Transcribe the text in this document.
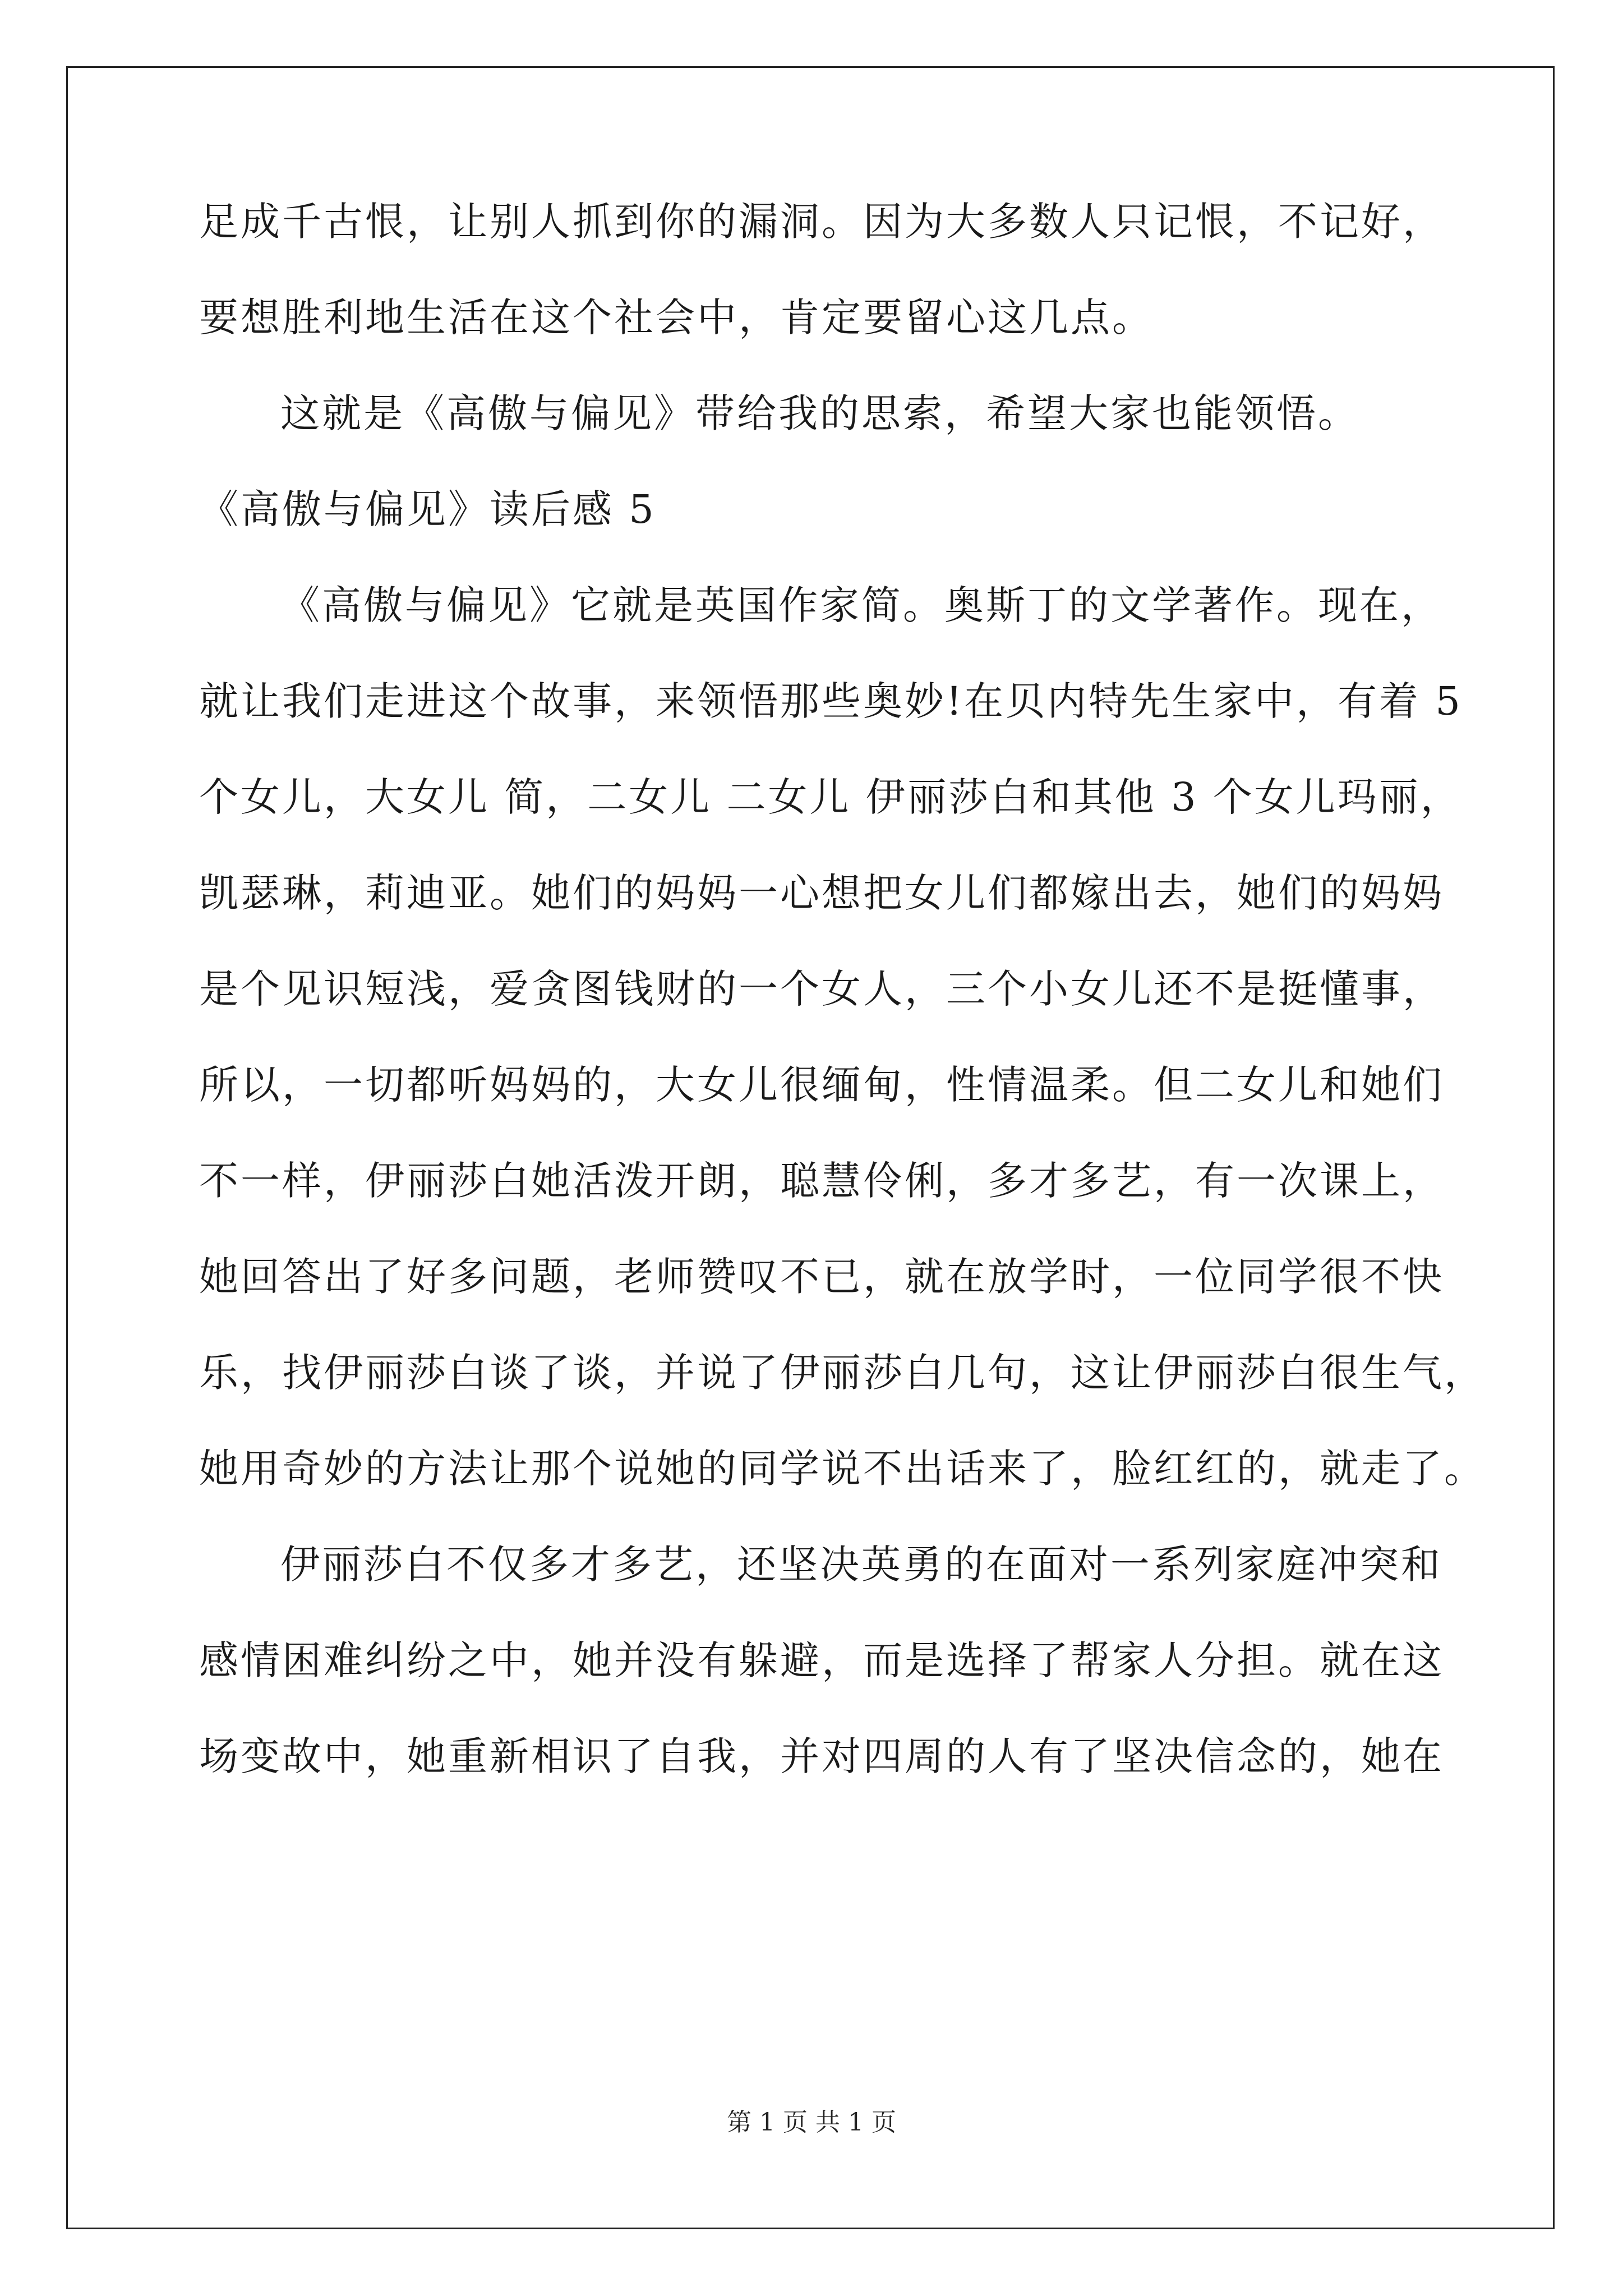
足成千古恨，让别人抓到你的漏洞。因为大多数人只记恨，不记好，
要想胜利地生活在这个社会中，肯定要留心这几点。
这就是《高傲与偏见》带给我的思索，希望大家也能领悟。
《高傲与偏见》读后感 5
《高傲与偏见》它就是英国作家简。奥斯丁的文学著作。现在，
就让我们走进这个故事，来领悟那些奥妙!在贝内特先生家中，有着 5
个女儿，大女儿 简，二女儿 二女儿 伊丽莎白和其他 3 个女儿玛丽，
凯瑟琳，莉迪亚。她们的妈妈一心想把女儿们都嫁出去，她们的妈妈
是个见识短浅，爱贪图钱财的一个女人，三个小女儿还不是挺懂事，
所以，一切都听妈妈的，大女儿很缅甸，性情温柔。但二女儿和她们
不一样，伊丽莎白她活泼开朗，聪慧伶俐，多才多艺，有一次课上，
她回答出了好多问题，老师赞叹不已，就在放学时，一位同学很不快
乐，找伊丽莎白谈了谈，并说了伊丽莎白几句，这让伊丽莎白很生气，
她用奇妙的方法让那个说她的同学说不出话来了，脸红红的，就走了。
伊丽莎白不仅多才多艺，还坚决英勇的在面对一系列家庭冲突和
感情困难纠纷之中，她并没有躲避，而是选择了帮家人分担。就在这
场变故中，她重新相识了自我，并对四周的人有了坚决信念的，她在
第 1 页 共 1 页
